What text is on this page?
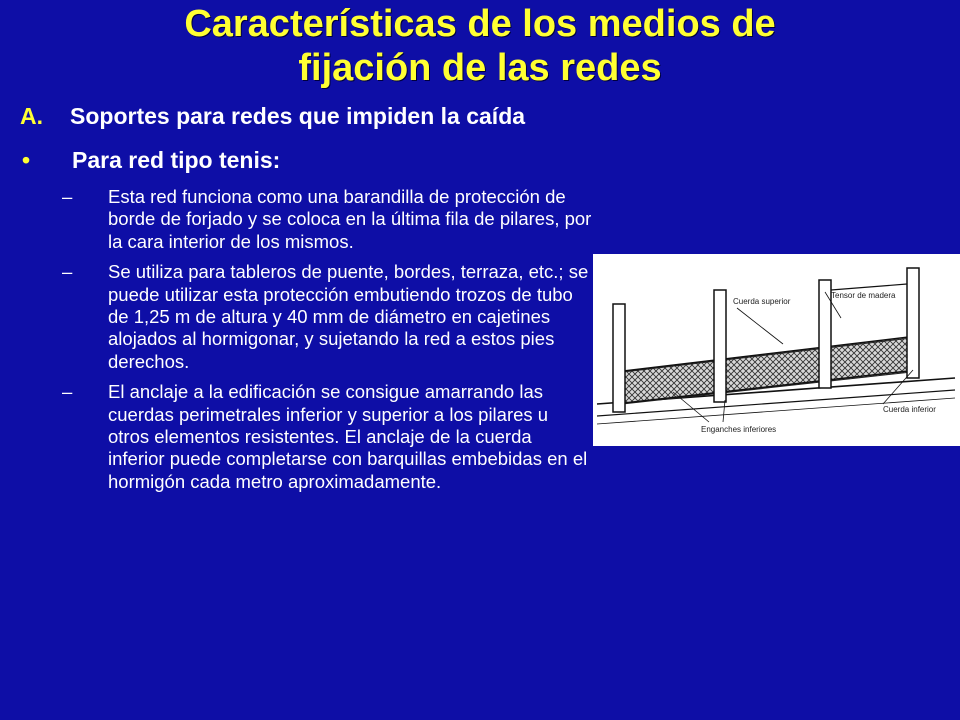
Características de los medios de
fijación de las redes
A. Soportes para redes que impiden la caída
• Para red tipo tenis:
–	Esta red funciona como una barandilla de protección de borde de forjado y se coloca en la última fila de pilares, por la cara interior de los mismos.
–	Se utiliza para tableros de puente, bordes, terraza, etc.; se puede utilizar esta protección embutiendo trozos de tubo de 1,25 m de altura y 40 mm de diámetro en cajetines alojados al hormigonar, y sujetando la red a estos pies derechos.
–	El anclaje a la edificación se consigue amarrando las cuerdas perimetrales inferior y superior a los pilares u otros elementos resistentes. El anclaje de la cuerda inferior puede completarse con barquillas embebidas en el hormigón cada metro aproximadamente.
Cuerda superior
Tensor de madera
Cuerda inferior
Enganches inferiores
